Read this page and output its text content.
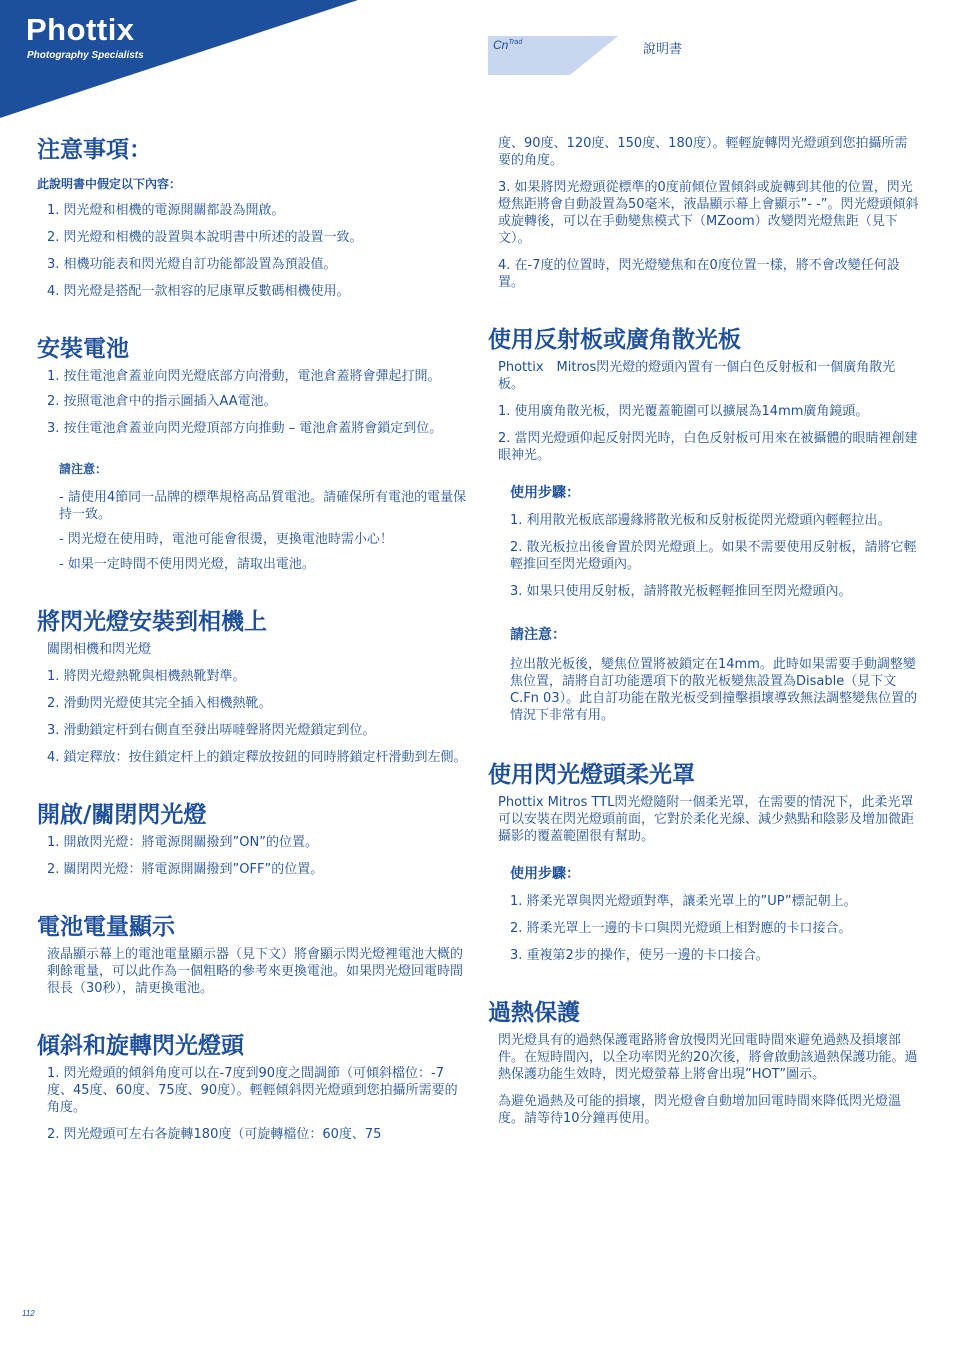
Phottix
Photography Specialists
$Cn^{Trad}$	說明書
注意事項：
此說明書中假定以下內容：

1. 閃光燈和相機的電源開關都設為開啟。

2. 閃光燈和相機的設置與本說明書中所述的設置一致。

3. 相機功能表和閃光燈自訂功能都設置為預設值。

4. 閃光燈是搭配一款相容的尼康單反數碼相機使用。

安裝電池

1. 按住電池倉蓋並向閃光燈底部方向滑動，電池倉蓋將會彈起打開。

2. 按照電池倉中的指示圖插入AA電池。

3. 按住電池倉蓋並向閃光燈頂部方向推動 – 電池倉蓋將會鎖定到位。

請注意：

- 請使用4節同一品牌的標準規格高品質電池。請確保所有電池的電量保持一致。

- 閃光燈在使用時，電池可能會很燙，更換電池時需小心！

- 如果一定時間不使用閃光燈，請取出電池。

將閃光燈安裝到相機上

關閉相機和閃光燈

1. 將閃光燈熱靴與相機熱靴對準。

2. 滑動閃光燈使其完全插入相機熱靴。

3. 滑動鎖定杆到右側直至發出哢噠聲將閃光燈鎖定到位。

4. 鎖定釋放：按住鎖定杆上的鎖定釋放按鈕的同時將鎖定杆滑動到左側。

開啟/關閉閃光燈

1. 開啟閃光燈：將電源開關撥到”ON”的位置。

2. 關閉閃光燈：將電源開關撥到”OFF”的位置。

電池電量顯示

液晶顯示幕上的電池電量顯示器（見下文）將會顯示閃光燈裡電池大概的剩餘電量，可以此作為一個粗略的參考來更換電池。如果閃光燈回電時間很長（30秒），請更換電池。

傾斜和旋轉閃光燈頭

1. 閃光燈頭的傾斜角度可以在-7度到90度之間調節（可傾斜檔位：-7度、45度、60度、75度、90度）。輕輕傾斜閃光燈頭到您拍攝所需要的角度。

2. 閃光燈頭可左右各旋轉180度（可旋轉檔位：60度、75

度、90度、120度、150度、180度）。輕輕旋轉閃光燈頭到您拍攝所需要的角度。

3. 如果將閃光燈頭從標準的0度前傾位置傾斜或旋轉到其他的位置，閃光燈焦距將會自動設置為50毫米，液晶顯示幕上會顯示”- -”。閃光燈頭傾斜或旋轉後，可以在手動變焦模式下（MZoom）改變閃光燈焦距（見下文）。

4. 在-7度的位置時，閃光燈變焦和在0度位置一樣，將不會改變任何設置。

使用反射板或廣角散光板

Phottix　Mitros閃光燈的燈頭內置有一個白色反射板和一個廣角散光板。

1. 使用廣角散光板，閃光覆蓋範圍可以擴展為14mm廣角鏡頭。

2. 當閃光燈頭仰起反射閃光時，白色反射板可用來在被攝體的眼睛裡創建眼神光。

使用步驟：

1. 利用散光板底部邊緣將散光板和反射板從閃光燈頭內輕輕拉出。

2. 散光板拉出後會置於閃光燈頭上。如果不需要使用反射板，請將它輕輕推回至閃光燈頭內。

3. 如果只使用反射板，請將散光板輕輕推回至閃光燈頭內。

請注意：

拉出散光板後，變焦位置將被鎖定在14mm。此時如果需要手動調整變焦位置，請將自訂功能選項下的散光板變焦設置為Disable（見下文C.Fn 03）。此自訂功能在散光板受到撞擊損壞導致無法調整變焦位置的情況下非常有用。

使用閃光燈頭柔光罩

Phottix Mitros TTL閃光燈隨附一個柔光罩，在需要的情況下，此柔光罩可以安裝在閃光燈頭前面，它對於柔化光線、減少熱點和陰影及增加微距攝影的覆蓋範圍很有幫助。

使用步驟：

1. 將柔光罩與閃光燈頭對準，讓柔光罩上的”UP”標記朝上。

2. 將柔光罩上一邊的卡口與閃光燈頭上相對應的卡口接合。

3. 重複第2步的操作，使另一邊的卡口接合。

過熱保護

閃光燈具有的過熱保護電路將會放慢閃光回電時間來避免過熱及損壞部件。在短時間內，以全功率閃光約20次後，將會啟動該過熱保護功能。過熱保護功能生效時，閃光燈螢幕上將會出現”HOT”圖示。

為避免過熱及可能的損壞，閃光燈會自動增加回電時間來降低閃光燈溫度。請等待10分鐘再使用。

112
